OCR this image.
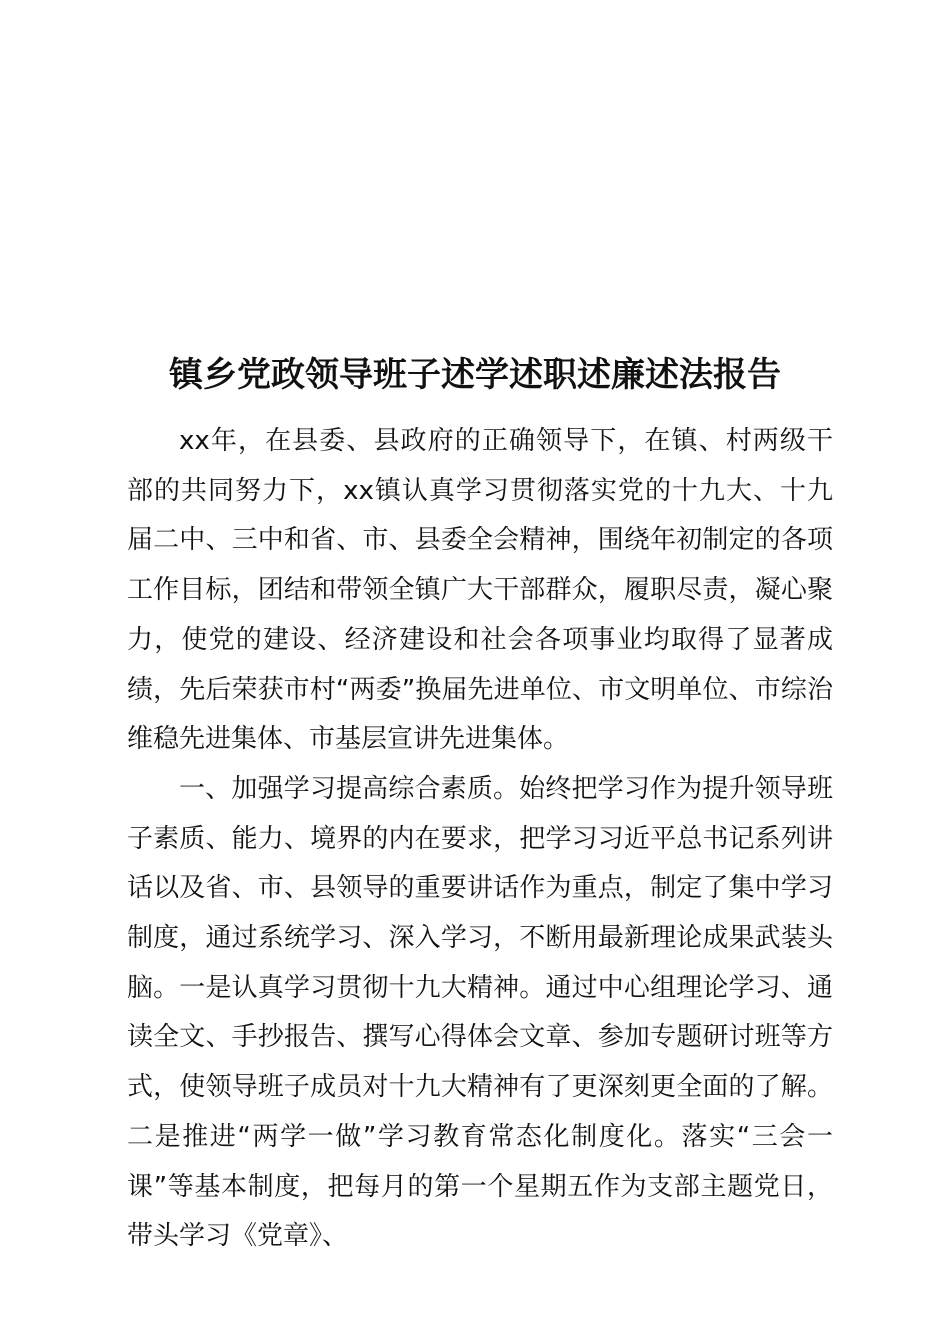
镇乡党政领导班子述学述职述廉述法报告

xx年，在县委、县政府的正确领导下，在镇、村两级干部的共同努力下，xx镇认真学习贯彻落实党的十九大、十九届二中、三中和省、市、县委全会精神，围绕年初制定的各项工作目标，团结和带领全镇广大干部群众，履职尽责，凝心聚力，使党的建设、经济建设和社会各项事业均取得了显著成绩，先后荣获市村“两委”换届先进单位、市文明单位、市综治维稳先进集体、市基层宣讲先进集体。

一、加强学习提高综合素质。始终把学习作为提升领导班子素质、能力、境界的内在要求，把学习习近平总书记系列讲话以及省、市、县领导的重要讲话作为重点，制定了集中学习制度，通过系统学习、深入学习，不断用最新理论成果武装头脑。一是认真学习贯彻十九大精神。通过中心组理论学习、通读全文、手抄报告、撰写心得体会文章、参加专题研讨班等方式，使领导班子成员对十九大精神有了更深刻更全面的了解。二是推进“两学一做”学习教育常态化制度化。落实“三会一课”等基本制度，把每月的第一个星期五作为支部主题党日，带头学习《党章》、
